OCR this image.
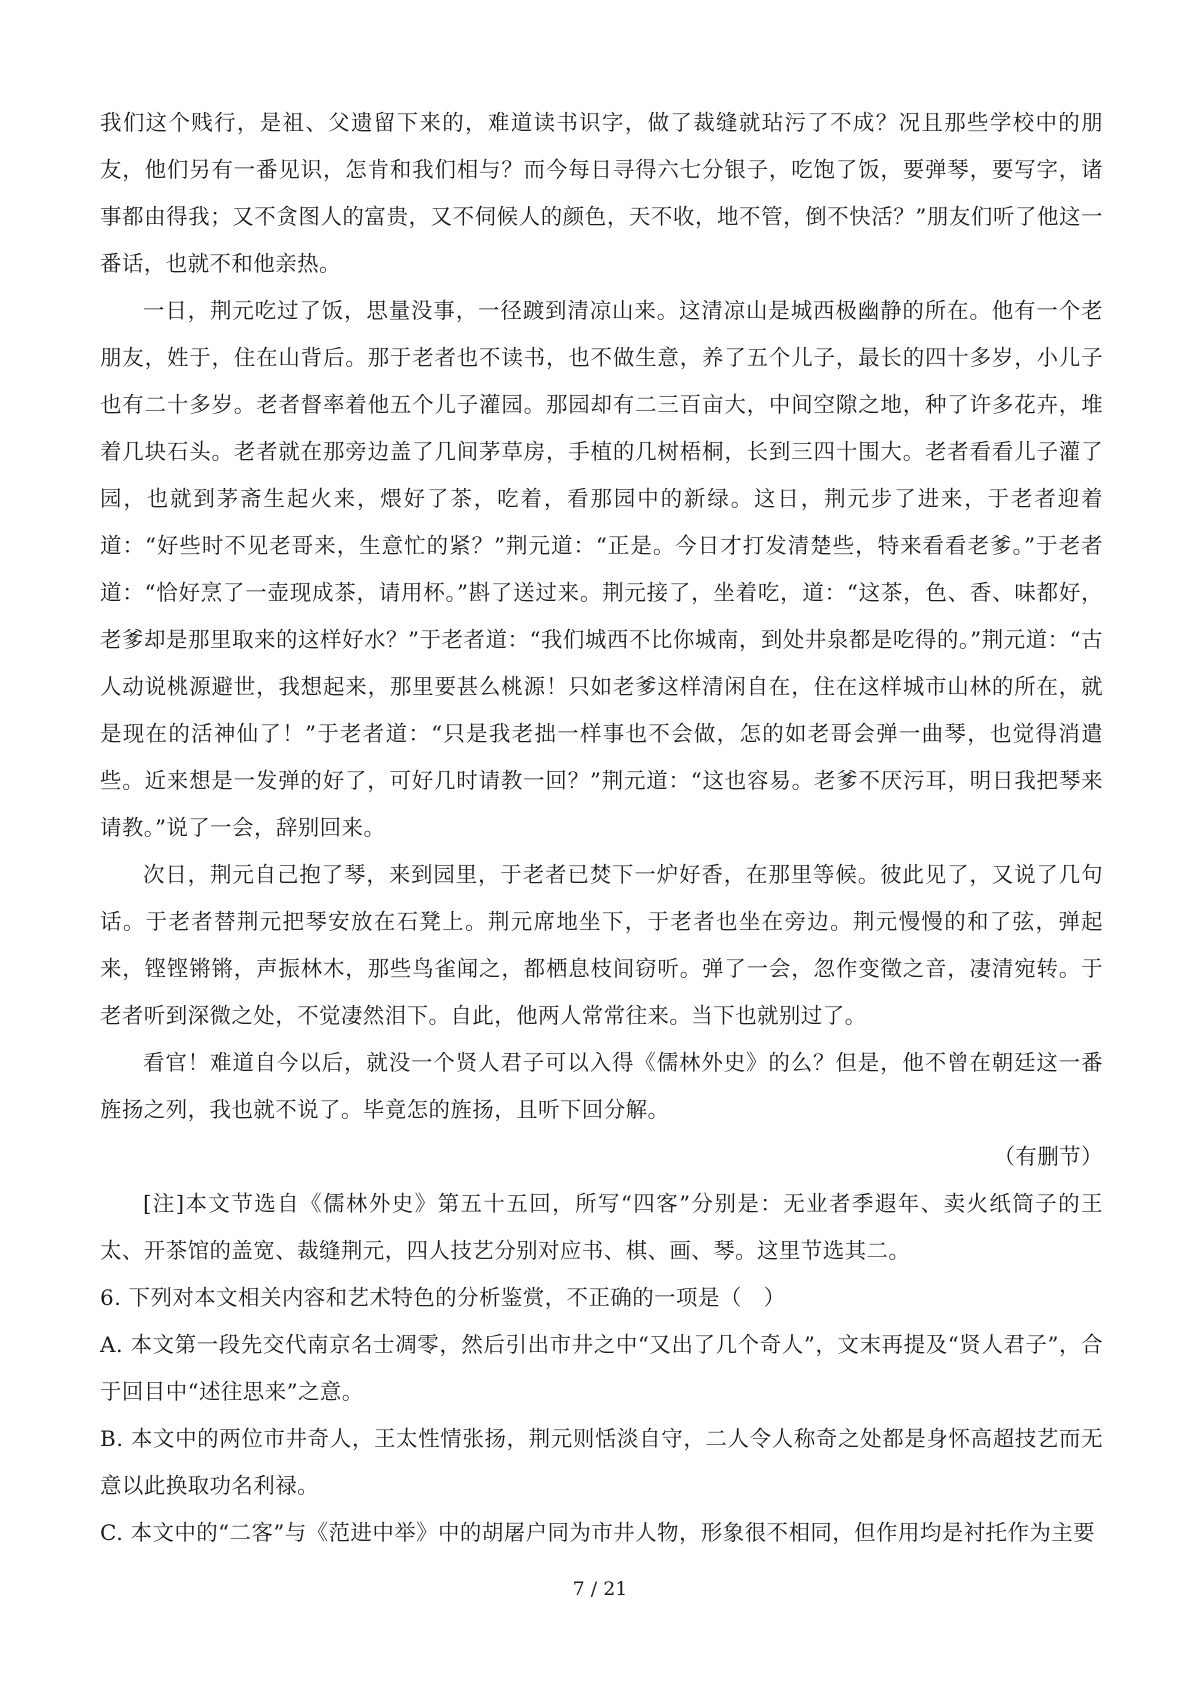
我们这个贱行，是祖、父遗留下来的，难道读书识字，做了裁缝就玷污了不成？况且那些学校中的朋友，他们另有一番见识，怎肯和我们相与？而今每日寻得六七分银子，吃饱了饭，要弹琴，要写字，诸事都由得我；又不贪图人的富贵，又不伺候人的颜色，天不收，地不管，倒不快活？”朋友们听了他这一番话，也就不和他亲热。

一日，荆元吃过了饭，思量没事，一径踱到清凉山来。这清凉山是城西极幽静的所在。他有一个老朋友，姓于，住在山背后。那于老者也不读书，也不做生意，养了五个儿子，最长的四十多岁，小儿子也有二十多岁。老者督率着他五个儿子灌园。那园却有二三百亩大，中间空隙之地，种了许多花卉，堆着几块石头。老者就在那旁边盖了几间茅草房，手植的几树梧桐，长到三四十围大。老者看看儿子灌了园，也就到茅斋生起火来，煨好了茶，吃着，看那园中的新绿。这日，荆元步了进来，于老者迎着道：“好些时不见老哥来，生意忙的紧？”荆元道：“正是。今日才打发清楚些，特来看看老爹。”于老者道：“恰好烹了一壶现成茶，请用杯。”斟了送过来。荆元接了，坐着吃，道：“这茶，色、香、味都好，老爹却是那里取来的这样好水？”于老者道：“我们城西不比你城南，到处井泉都是吃得的。”荆元道：“古人动说桃源避世，我想起来，那里要甚么桃源！只如老爹这样清闲自在，住在这样城市山林的所在，就是现在的活神仙了！”于老者道：“只是我老拙一样事也不会做，怎的如老哥会弹一曲琴，也觉得消遣些。近来想是一发弹的好了，可好几时请教一回？”荆元道：“这也容易。老爹不厌污耳，明日我把琴来请教。”说了一会，辞别回来。

次日，荆元自己抱了琴，来到园里，于老者已焚下一炉好香，在那里等候。彼此见了，又说了几句话。于老者替荆元把琴安放在石凳上。荆元席地坐下，于老者也坐在旁边。荆元慢慢的和了弦，弹起来，铿铿锵锵，声振林木，那些鸟雀闻之，都栖息枝间窃听。弹了一会，忽作变徵之音，凄清宛转。于老者听到深微之处，不觉凄然泪下。自此，他两人常常往来。当下也就别过了。

看官！难道自今以后，就没一个贤人君子可以入得《儒林外史》的么？但是，他不曾在朝廷这一番旌扬之列，我也就不说了。毕竟怎的旌扬，且听下回分解。

（有删节）

[注]本文节选自《儒林外史》第五十五回，所写“四客”分别是：无业者季遐年、卖火纸筒子的王太、开茶馆的盖宽、裁缝荆元，四人技艺分别对应书、棋、画、琴。这里节选其二。

6. 下列对本文相关内容和艺术特色的分析鉴赏，不正确的一项是（　）

A. 本文第一段先交代南京名士凋零，然后引出市井之中“又出了几个奇人”，文末再提及“贤人君子”，合于回目中“述往思来”之意。

B. 本文中的两位市井奇人，王太性情张扬，荆元则恬淡自守，二人令人称奇之处都是身怀高超技艺而无意以此换取功名利禄。

C. 本文中的“二客”与《范进中举》中的胡屠户同为市井人物，形象很不相同，但作用均是衬托作为主要

7 / 21
